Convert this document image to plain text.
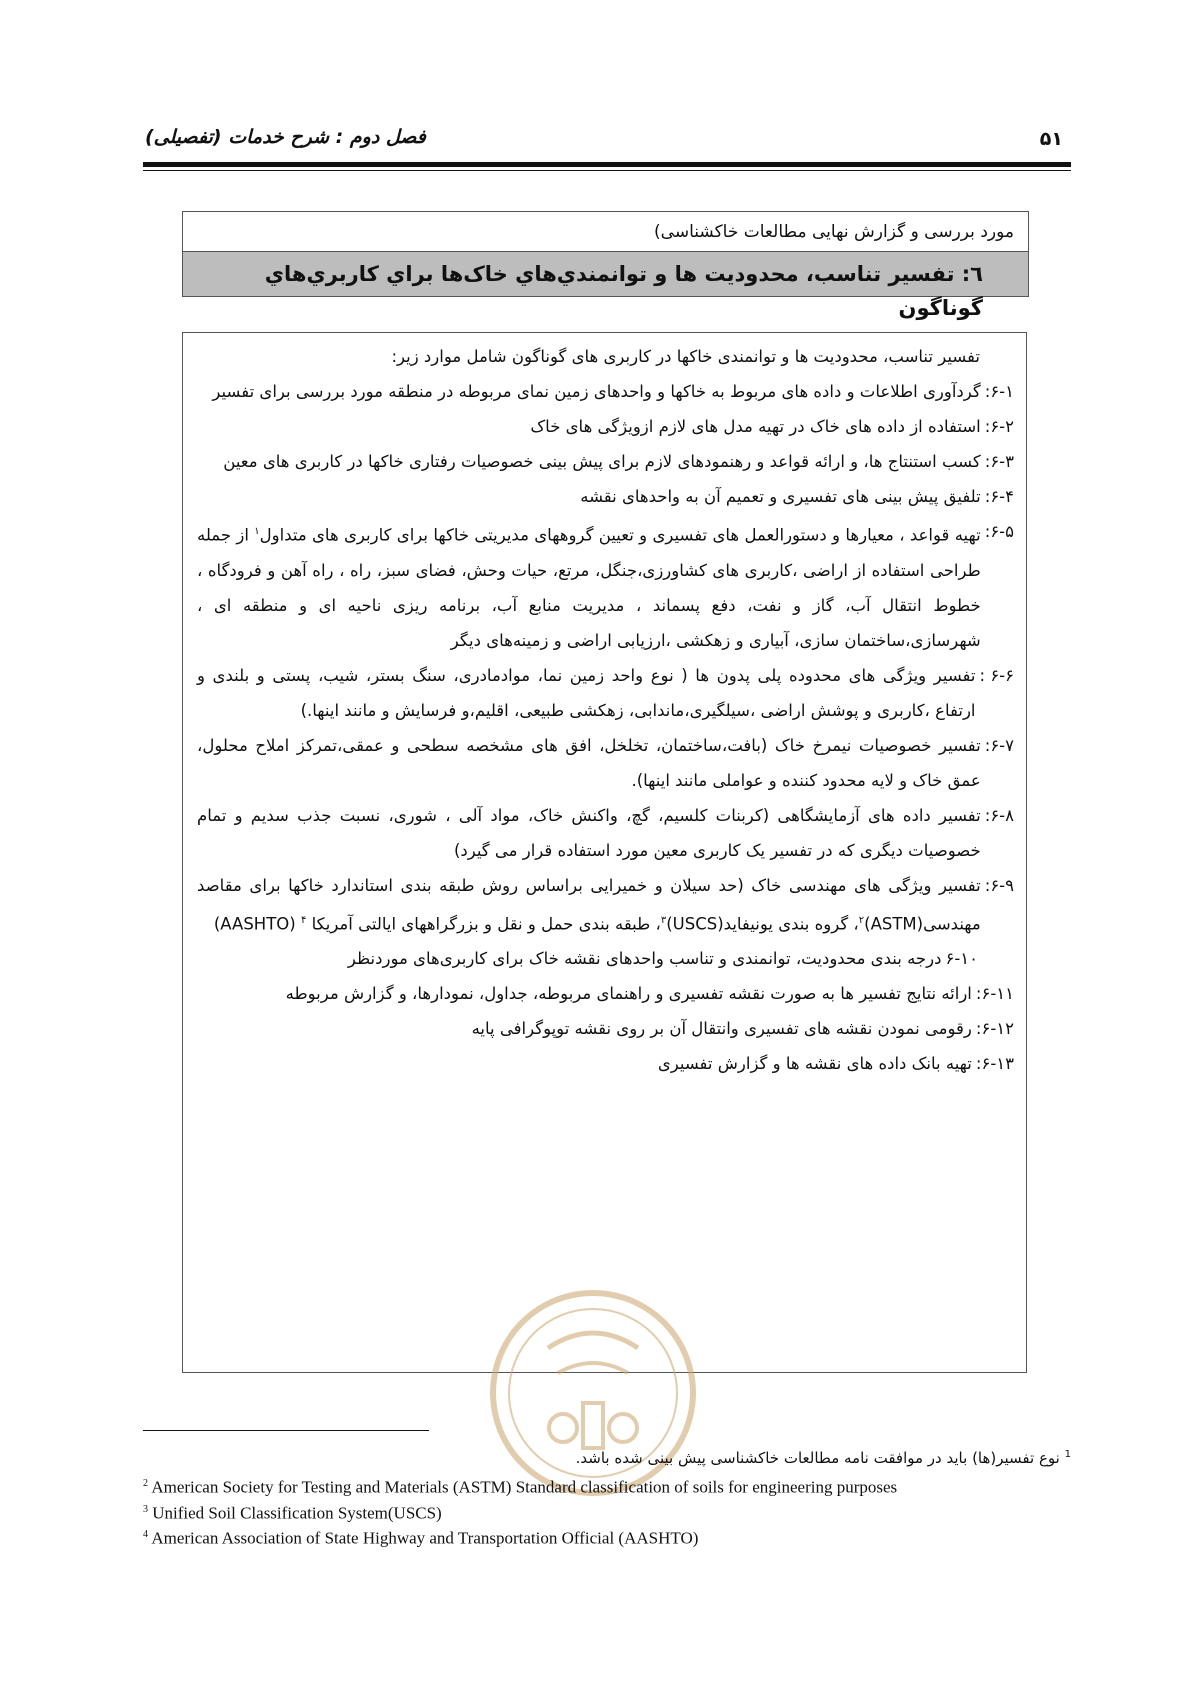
۵۱
فصل دوم : شرح خدمات (تفصیلی)
مورد بررسی و گزارش نهایی مطالعات خاکشناسی)
٦: تفسير تناسب، محدوديت ها و توانمندي‌هاي خاک‌ها براي كاربري‌هاي گوناگون
تفسیر تناسب، محدودیت ها و توانمندی خاکها در کاربری های گوناگون شامل موارد زیر:
۶-۱:
گردآوری اطلاعات و داده های مربوط به خاکها و واحدهای زمین نمای مربوطه در منطقه مورد بررسی برای تفسیر
۶-۲:
استفاده از داده های خاک در تهیه مدل های لازم ازویژگی های خاک
۶-۳:
کسب استنتاج ها، و ارائه قواعد و رهنمودهای لازم برای پیش بینی خصوصیات رفتاری خاکها در کاربری های معین
۶-۴:
تلفیق پیش بینی های تفسیری و تعمیم آن به واحدهای نقشه
۶-۵:
تهیه قواعد ، معیارها و دستورالعمل های تفسیری و تعیین گروههای مدیریتی خاکها برای کاربری های متداول$^١$ از جمله طراحی استفاده از اراضی ،کاربری های کشاورزی،جنگل، مرتع، حیات وحش، فضای سبز، راه ، راه آهن و فرودگاه ، خطوط انتقال آب، گاز و نفت، دفع پسماند ، مدیریت منابع آب، برنامه ریزی ناحیه ای و منطقه ای ، شهرسازی،ساختمان سازی، آبیاری و زهکشی ،ارزیابی اراضی و زمینه‌های دیگر
۶-۶ :
تفسیر ویژگی های محدوده پلی پدون ها ( نوع واحد زمین نما، موادمادری، سنگ بستر، شیب، پستی و بلندی و ارتفاع ،کاربری و پوشش اراضی ،سیلگیری،ماندابی، زهکشی طبیعی، اقلیم،و فرسایش و مانند اینها.)
۶-۷:
تفسیر خصوصیات نیمرخ خاک (بافت،ساختمان، تخلخل، افق های مشخصه سطحی و عمقی،تمرکز املاح محلول، عمق خاک و لایه محدود کننده و عواملی مانند اینها).
۶-۸:
تفسیر داده های آزمایشگاهی (کربنات کلسیم، گچ، واکنش خاک، مواد آلی ، شوری، نسبت جذب سدیم و تمام خصوصیات دیگری که در تفسیر یک کاربری معین مورد استفاده قرار می گیرد)
۶-۹:
تفسیر ویژگی های مهندسی خاک (حد سیلان و خمیرایی براساس روش طبقه بندی استاندارد خاکها برای مقاصد مهندسی(ASTM)$^٢$، گروه بندی یونیفاید(USCS)$^٣$، طبقه بندی حمل و نقل و بزرگراههای ایالتی آمریکا $^۴$ (AASHTO)
۶-۱۰
درجه بندی محدودیت، توانمندی و تناسب واحدهای نقشه خاک برای کاربری‌های موردنظر
۶-۱۱:
ارائه نتایج تفسیر ها به صورت نقشه تفسیری و راهنمای مربوطه، جداول، نمودارها، و گزارش مربوطه
۶-۱۲:
رقومی نمودن نقشه های تفسیری وانتقال آن بر روی نقشه توپوگرافی پایه
۶-۱۳:
تهیه بانک داده های نقشه ها و گزارش تفسیری
$^1$ نوع تفسیر(ها) باید در موافقت نامه مطالعات خاکشناسی پیش بینی شده باشد.
$^2$ American Society for Testing and Materials (ASTM) Standard classification of soils for engineering purposes
$^3$ Unified Soil Classification System(USCS)
$^4$ American Association of State Highway and Transportation Official (AASHTO)
